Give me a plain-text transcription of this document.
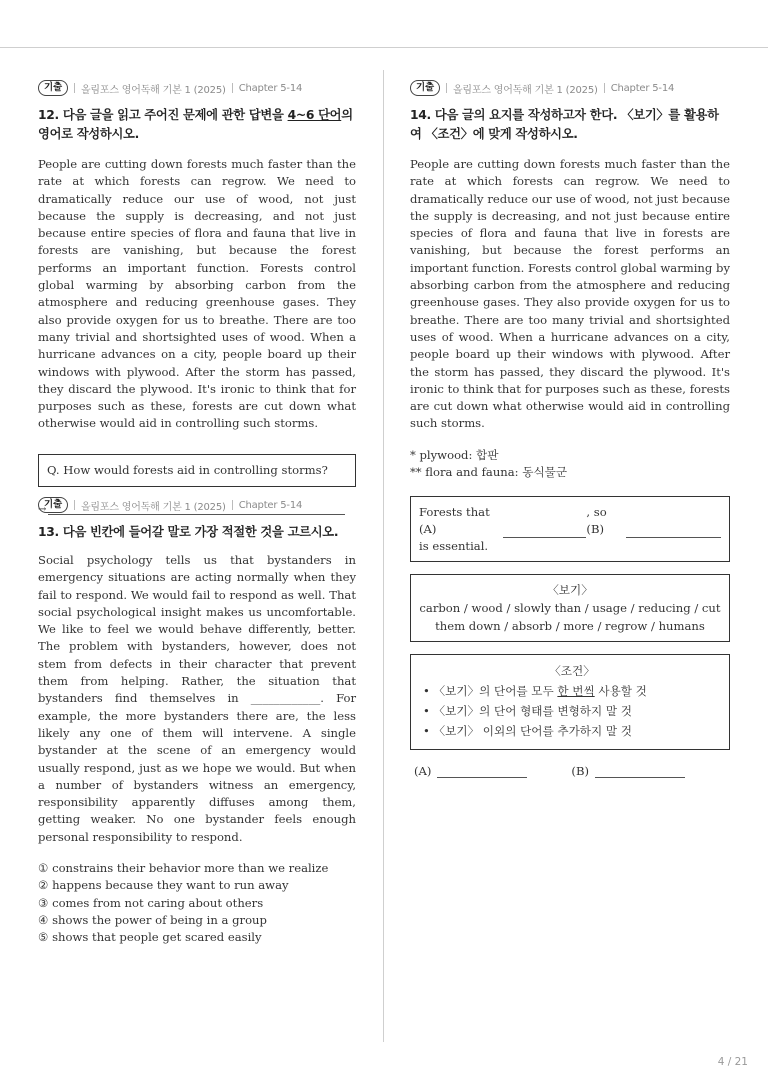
기출	올림포스 영어독해 기본 1 (2025) Chapter 5-14
12. 다음 글을 읽고 주어진 문제에 관한 답변을 4~6 단어의 영어로 작성하시오.
People are cutting down forests much faster than the rate at which forests can regrow. We need to dramatically reduce our use of wood, not just because the supply is decreasing, and not just because entire species of flora and fauna that live in forests are vanishing, but because the forest performs an important function. Forests control global warming by absorbing carbon from the atmosphere and reducing greenhouse gases. They also provide oxygen for us to breathe. There are too many trivial and shortsighted uses of wood. When a hurricane advances on a city, people board up their windows with plywood. After the storm has passed, they discard the plywood. It's ironic to think that for purposes such as these, forests are cut down what otherwise would aid in controlling such storms.
Q. How would forests aid in controlling storms?
→
기출	올림포스 영어독해 기본 1 (2025) Chapter 5-14
13. 다음 빈칸에 들어갈 말로 가장 적절한 것을 고르시오.
Social psychology tells us that bystanders in emergency situations are acting normally when they fail to respond. We would fail to respond as well. That social psychological insight makes us uncomfortable. We like to feel we would behave differently, better. The problem with bystanders, however, does not stem from defects in their character that prevent them from helping. Rather, the situation that bystanders find themselves in ____________. For example, the more bystanders there are, the less likely any one of them will intervene. A single bystander at the scene of an emergency would usually respond, just as we hope we would. But when a number of bystanders witness an emergency, responsibility apparently diffuses among them, getting weaker. No one bystander feels enough personal responsibility to respond.
① constrains their behavior more than we realize
② happens because they want to run away
③ comes from not caring about others
④ shows the power of being in a group
⑤ shows that people get scared easily
기출	올림포스 영어독해 기본 1 (2025) Chapter 5-14
14. 다음 글의 요지를 작성하고자 한다. 〈보기〉를 활용하여 〈조건〉에 맞게 작성하시오.
People are cutting down forests much faster than the rate at which forests can regrow. We need to dramatically reduce our use of wood, not just because the supply is decreasing, and not just because entire species of flora and fauna that live in forests are vanishing, but because the forest performs an important function. Forests control global warming by absorbing carbon from the atmosphere and reducing greenhouse gases. They also provide oxygen for us to breathe. There are too many trivial and shortsighted uses of wood. When a hurricane advances on a city, people board up their windows with plywood. After the storm has passed, they discard the plywood. It's ironic to think that for purposes such as these, forests are cut down what otherwise would aid in controlling such storms.
* plywood: 합판
** flora and fauna: 동식물군
Forests that (A)
, so (B)
is essential.
〈보기〉
carbon / wood / slowly than / usage / reducing / cut
them down / absorb / more / regrow / humans
〈조건〉
• 〈보기〉의 단어를 모두 한 번씩 사용할 것
• 〈보기〉의 단어 형태를 변형하지 말 것
• 〈보기〉 이외의 단어를 추가하지 말 것
(A)	(B)
4 / 21
